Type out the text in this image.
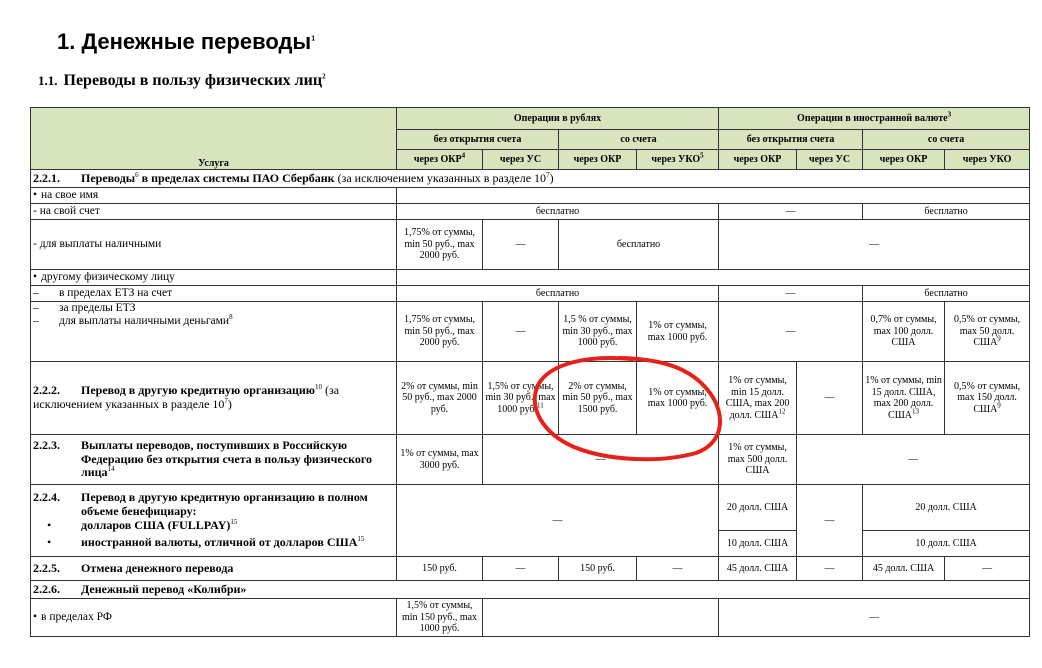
1. Денежные переводы$^1$
1.1. Переводы в пользу физических лиц$^2$
Услуга	Операции в рублях				Операции в иностранной валюте$^3$
	без открытия счета		со счета		без открытия счета		со счета	
	через ОКР$^4$	через УС	через ОКР	через УКО$^5$	через ОКР	через УС	через ОКР	через УКО
2.2.1. Переводы$^6$ в пределах системы ПАО Сбербанк (за исключением указанных в разделе $10^7$)								
• на свое имя	
- на свой счет	бесплатно				—		бесплатно	
- для выплаты наличными	1,75% от суммы, min 50 руб., max 2000 руб.	—	бесплатно		—			
• другому физическому лицу	
– в пределах ЕТЗ на счет	бесплатно				—		бесплатно	

– за пределы ЕТЗ
– для выплаты наличными деньгами$^8$	1,75% от суммы, min 50 руб., max 2000 руб.	—	1,5 % от суммы, min 30 руб., max 1000 руб.	1% от суммы, max 1000 руб.	—		0,7% от суммы, max 100 долл. США	0,5% от суммы, max 50 долл. США$^9$
2.2.2. Перевод в другую кредитную организацию$^{10}$ (за исключением указанных в разделе $10^7$)	2% от суммы, min 50 руб., max 2000 руб.	1,5% от суммы, min 30 руб., max 1000 руб.$^{11}$	2% от суммы, min 50 руб., max 1500 руб.	1% от суммы, max 1000 руб.	1% от суммы, min 15 долл. США, max 200 долл. США$^{12}$	—	1% от суммы, min 15 долл. США, max 200 долл. США$^{13}$	0,5% от суммы, max 150 долл. США$^9$

2.2.3. Выплаты переводов, поступивших в Российскую Федерацию без открытия счета в пользу физического лица$^{14}$	1% от суммы, max 3000 руб.	—			1% от суммы, max 500 долл. США	—		

2.2.4. Перевод в другую кредитную организацию в полном объеме бенефициару:
• долларов США (FULLPAY)$^{15}$
• иностранной валюты, отличной от долларов США$^{15}$	—				20 долл. США	—	20 долл. США	
					10 долл. США		10 долл. США	
2.2.5. Отмена денежного перевода	150 руб.	—	150 руб.	—	45 долл. США	—	45 долл. США	—
2.2.6. Денежный перевод «Колибри»								
• в пределах РФ	1,5% от суммы, min 150 руб., max 1000 руб.				—			
